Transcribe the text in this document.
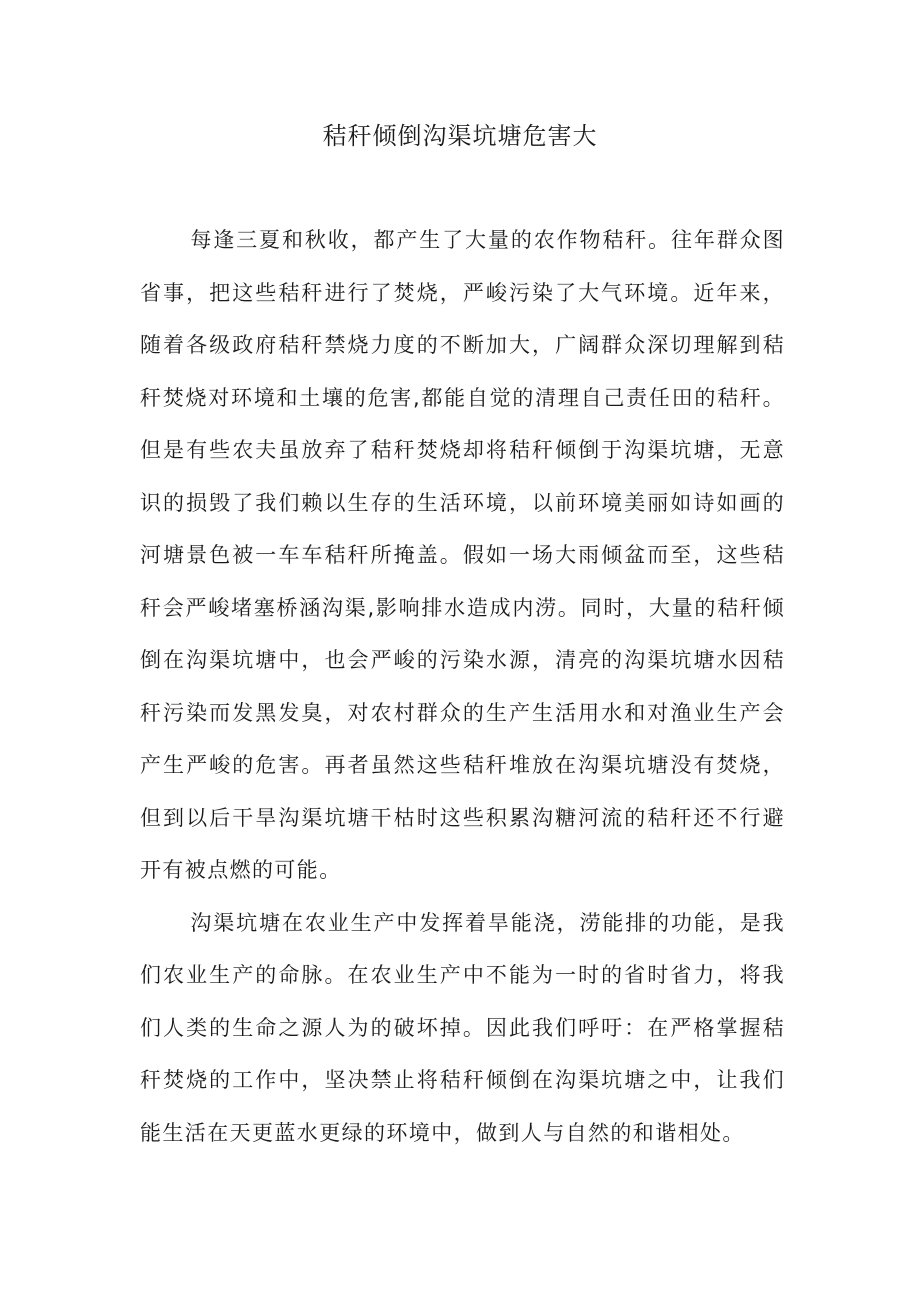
秸秆倾倒沟渠坑塘危害大

每逢三夏和秋收，都产生了大量的农作物秸秆。往年群众图省事，把这些秸秆进行了焚烧，严峻污染了大气环境。近年来，随着各级政府秸秆禁烧力度的不断加大，广阔群众深切理解到秸秆焚烧对环境和土壤的危害,都能自觉的清理自己责任田的秸秆。但是有些农夫虽放弃了秸秆焚烧却将秸秆倾倒于沟渠坑塘，无意识的损毁了我们赖以生存的生活环境，以前环境美丽如诗如画的河塘景色被一车车秸秆所掩盖。假如一场大雨倾盆而至，这些秸秆会严峻堵塞桥涵沟渠,影响排水造成内涝。同时，大量的秸秆倾倒在沟渠坑塘中，也会严峻的污染水源，清亮的沟渠坑塘水因秸秆污染而发黑发臭，对农村群众的生产生活用水和对渔业生产会产生严峻的危害。再者虽然这些秸秆堆放在沟渠坑塘没有焚烧，但到以后干旱沟渠坑塘干枯时这些积累沟糖河流的秸秆还不行避开有被点燃的可能。

沟渠坑塘在农业生产中发挥着旱能浇，涝能排的功能，是我们农业生产的命脉。在农业生产中不能为一时的省时省力，将我们人类的生命之源人为的破坏掉。因此我们呼吁：在严格掌握秸秆焚烧的工作中，坚决禁止将秸秆倾倒在沟渠坑塘之中，让我们能生活在天更蓝水更绿的环境中，做到人与自然的和谐相处。
